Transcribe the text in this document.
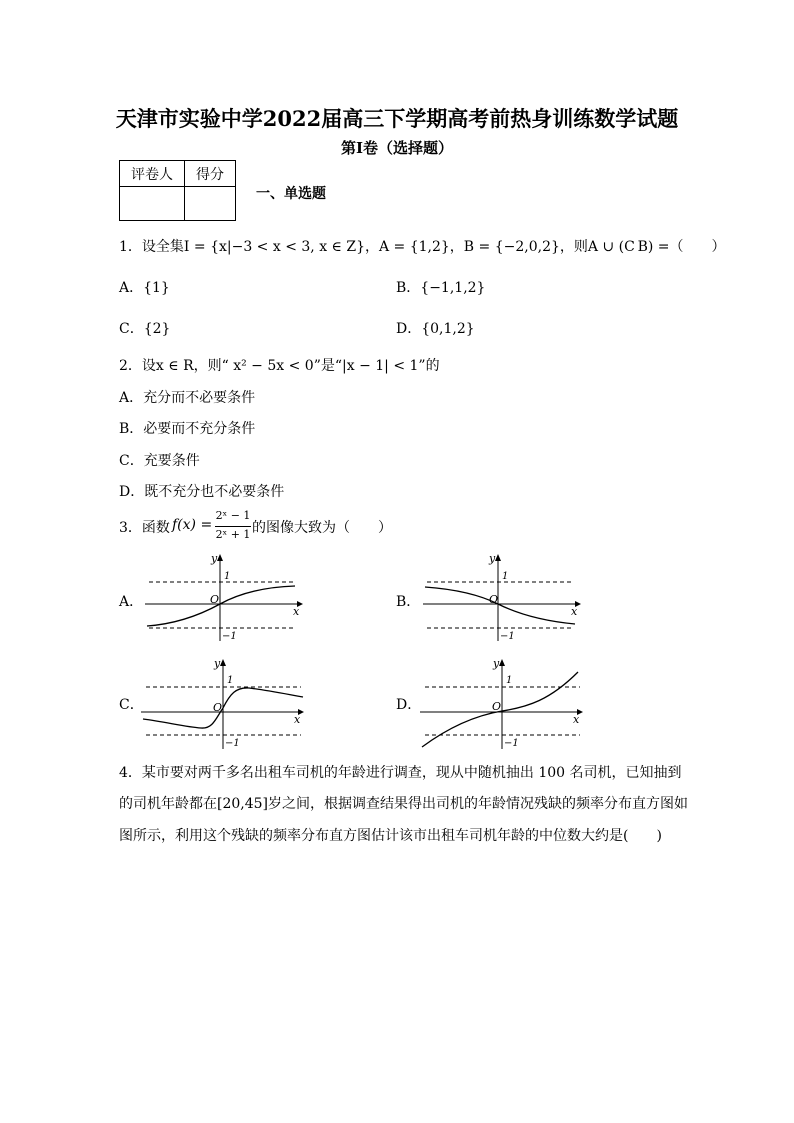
天津市实验中学2022届高三下学期高考前热身训练数学试题
第I卷（选择题）
评卷人	得分

一、单选题
1．设全集I = {x|−3 < x < 3, x ∈ Z}，A = {1,2}，B = {−2,0,2}，则A ∪ (C B) =（　　）
A．{1}	B．{−1,1,2}
C．{2}	D．{0,1,2}
2．设x ∈ R，则“ x² − 5x < 0”是“|x − 1| < 1”的
A．充分而不必要条件
B．必要而不充分条件
C．充要条件
D．既不充分也不必要条件
3．函数 f(x) =
2ˣ − 1
2ˣ + 1 的图像大致为（　　）
A．	B．
C．	D．
y
x
O
1
−1
y
x
O
1
−1
y
x
O
1
−1
y
x
O
1
−1
4．某市要对两千多名出租车司机的年龄进行调查，现从中随机抽出 100 名司机，已知抽到
的司机年龄都在[20,45]岁之间，根据调查结果得出司机的年龄情况残缺的频率分布直方图如
图所示，利用这个残缺的频率分布直方图估计该市出租车司机年龄的中位数大约是(　　)
